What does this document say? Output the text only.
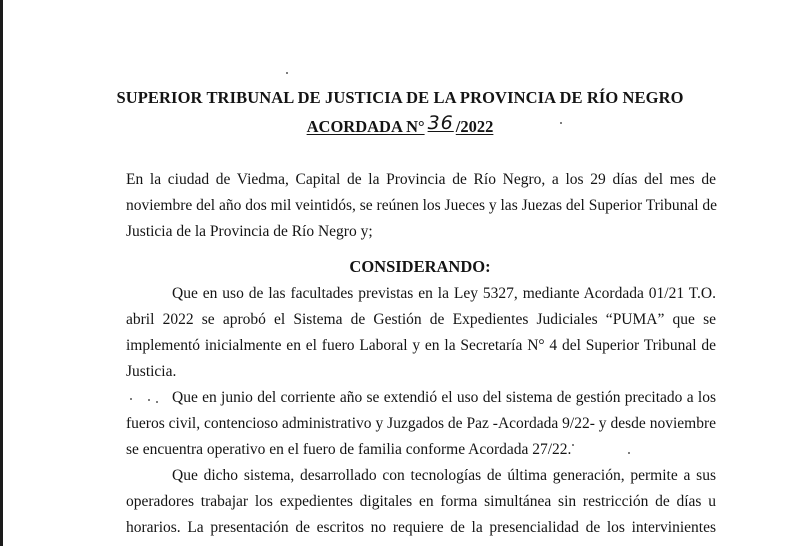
SUPERIOR TRIBUNAL DE JUSTICIA DE LA PROVINCIA DE RÍO NEGRO
ACORDADA N° 36 /2022
En la ciudad de Viedma, Capital de la Provincia de Río Negro, a los 29 días del mes de
noviembre del año dos mil veintidós, se reúnen los Jueces y las Juezas del Superior Tribunal de
Justicia de la Provincia de Río Negro y;
CONSIDERANDO:
Que en uso de las facultades previstas en la Ley 5327, mediante Acordada 01/21 T.O.
abril 2022 se aprobó el Sistema de Gestión de Expedientes Judiciales “PUMA” que se
implementó inicialmente en el fuero Laboral y en la Secretaría N° 4 del Superior Tribunal de
Justicia.
Que en junio del corriente año se extendió el uso del sistema de gestión precitado a los
fueros civil, contencioso administrativo y Juzgados de Paz -Acordada 9/22- y desde noviembre
se encuentra operativo en el fuero de familia conforme Acordada 27/22.
Que dicho sistema, desarrollado con tecnologías de última generación, permite a sus
operadores trabajar los expedientes digitales en forma simultánea sin restricción de días u
horarios. La presentación de escritos no requiere de la presencialidad de los intervinientes
